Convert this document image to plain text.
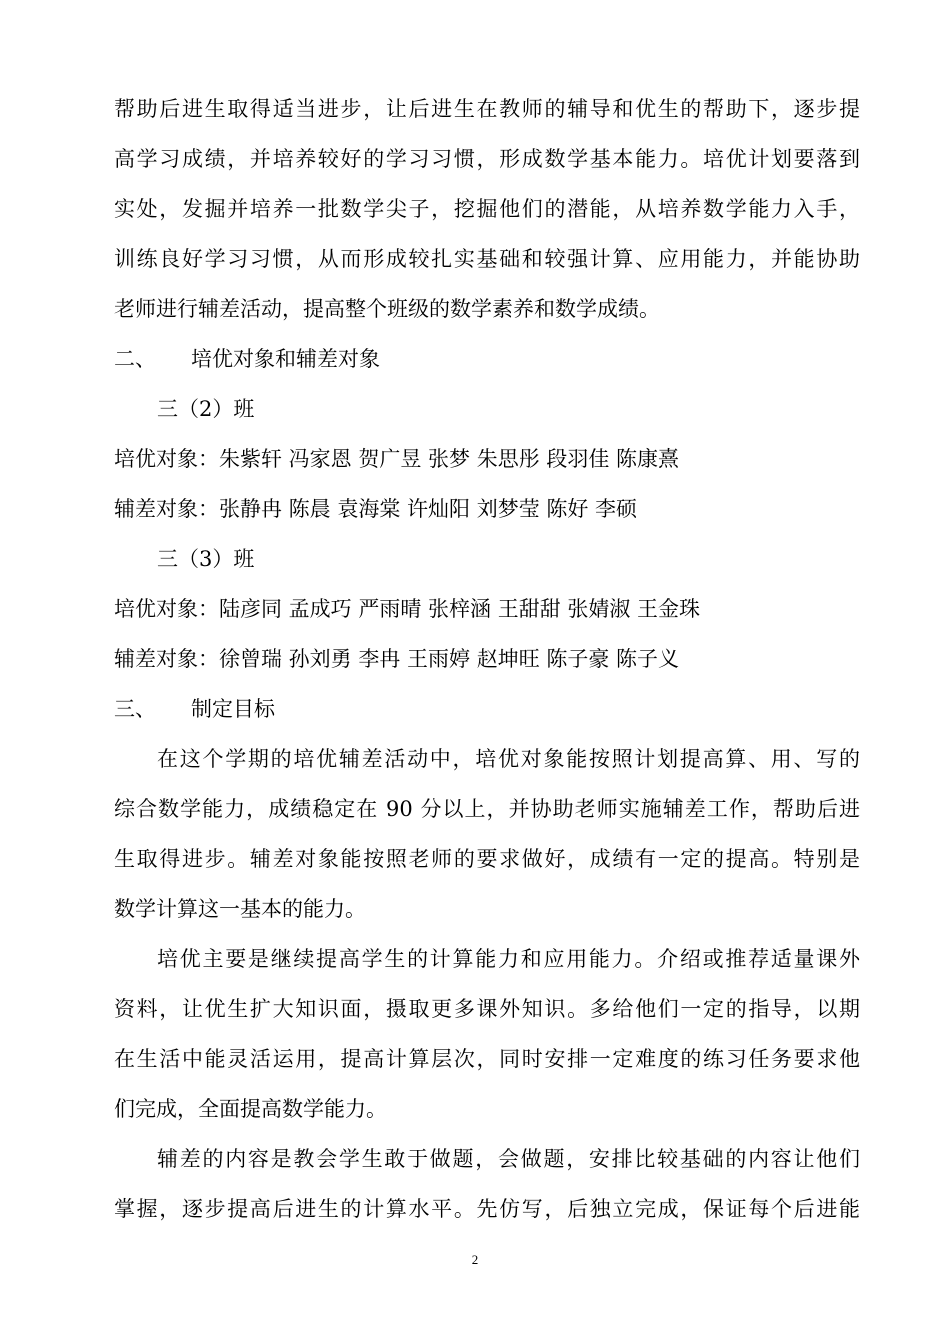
帮助后进生取得适当进步，让后进生在教师的辅导和优生的帮助下，逐步提
高学习成绩，并培养较好的学习习惯，形成数学基本能力。培优计划要落到
实处，发掘并培养一批数学尖子，挖掘他们的潜能，从培养数学能力入手，
训练良好学习习惯，从而形成较扎实基础和较强计算、应用能力，并能协助
老师进行辅差活动，提高整个班级的数学素养和数学成绩。
二、	培优对象和辅差对象
三（2）班
培优对象：朱紫轩 冯家恩 贺广昱 张梦 朱思彤 段羽佳 陈康熹
辅差对象：张静冉 陈晨 袁海棠 许灿阳 刘梦莹 陈好 李硕
三（3）班
培优对象：陆彦同 孟成巧 严雨晴 张梓涵 王甜甜 张婧淑 王金珠
辅差对象：徐曾瑞 孙刘勇 李冉 王雨婷 赵坤旺 陈子豪 陈子义
三、	制定目标
在这个学期的培优辅差活动中，培优对象能按照计划提高算、用、写的
综合数学能力，成绩稳定在 90 分以上，并协助老师实施辅差工作，帮助后进
生取得进步。辅差对象能按照老师的要求做好，成绩有一定的提高。特别是
数学计算这一基本的能力。
培优主要是继续提高学生的计算能力和应用能力。介绍或推荐适量课外
资料，让优生扩大知识面，摄取更多课外知识。多给他们一定的指导，以期
在生活中能灵活运用，提高计算层次，同时安排一定难度的练习任务要求他
们完成，全面提高数学能力。
辅差的内容是教会学生敢于做题，会做题，安排比较基础的内容让他们
掌握，逐步提高后进生的计算水平。先仿写，后独立完成，保证每个后进能
2
